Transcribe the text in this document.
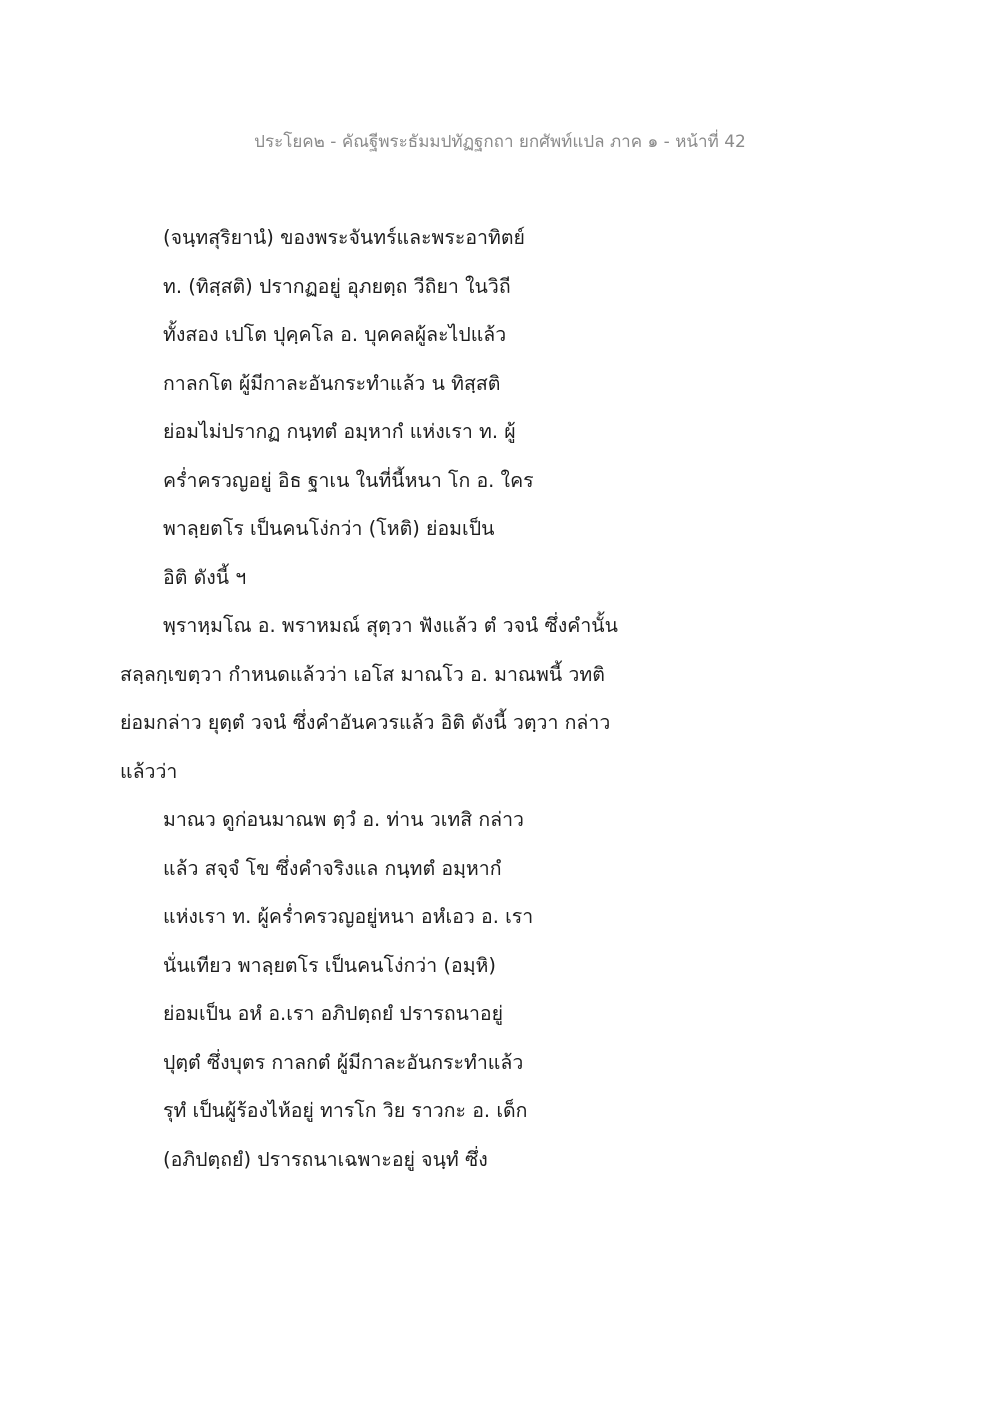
ประโยค๒ - คัณฐีพระธัมมปทัฏฐกถา ยกศัพท์แปล ภาค ๑ - หน้าที่ 42
(จนฺทสุริยานํ) ของพระจันทร์และพระอาทิตย์
ท. (ทิสฺสติ) ปรากฏอยู่ อุภยตฺถ วีถิยา ในวิถี
ทั้งสอง เปโต ปุคฺคโล อ. บุคคลผู้ละไปแล้ว
กาลกโต ผู้มีกาละอันกระทำแล้ว น ทิสฺสติ
ย่อมไม่ปรากฏ กนฺทตํ อมฺหากํ แห่งเรา ท. ผู้
คร่ำครวญอยู่ อิธ ฐาเน ในที่นี้หนา โก อ. ใคร
พาลฺยตโร เป็นคนโง่กว่า (โหติ) ย่อมเป็น
อิติ ดังนี้ ฯ
พฺราหฺมโณ อ. พราหมณ์ สุตฺวา ฟังแล้ว ตํ วจนํ ซึ่งคำนั้น
สลฺลกฺเขตฺวา กำหนดแล้วว่า เอโส มาณโว อ. มาณพนี้ วทติ
ย่อมกล่าว ยุตฺตํ วจนํ ซึ่งคำอันควรแล้ว อิติ ดังนี้ วตฺวา กล่าว
แล้วว่า
มาณว ดูก่อนมาณพ ตฺวํ อ. ท่าน วเทสิ กล่าว
แล้ว สจฺจํ โข ซึ่งคำจริงแล กนฺทตํ อมฺหากํ
แห่งเรา ท. ผู้คร่ำครวญอยู่หนา อหํเอว อ. เรา
นั่นเทียว พาลฺยตโร เป็นคนโง่กว่า (อมฺหิ)
ย่อมเป็น อหํ อ.เรา อภิปตฺถยํ ปรารถนาอยู่
ปุตฺตํ ซึ่งบุตร กาลกตํ ผู้มีกาละอันกระทำแล้ว
รุทํ เป็นผู้ร้องไห้อยู่ ทารโก วิย ราวกะ อ. เด็ก
(อภิปตฺถยํ) ปรารถนาเฉพาะอยู่ จนฺทํ ซึ่ง
